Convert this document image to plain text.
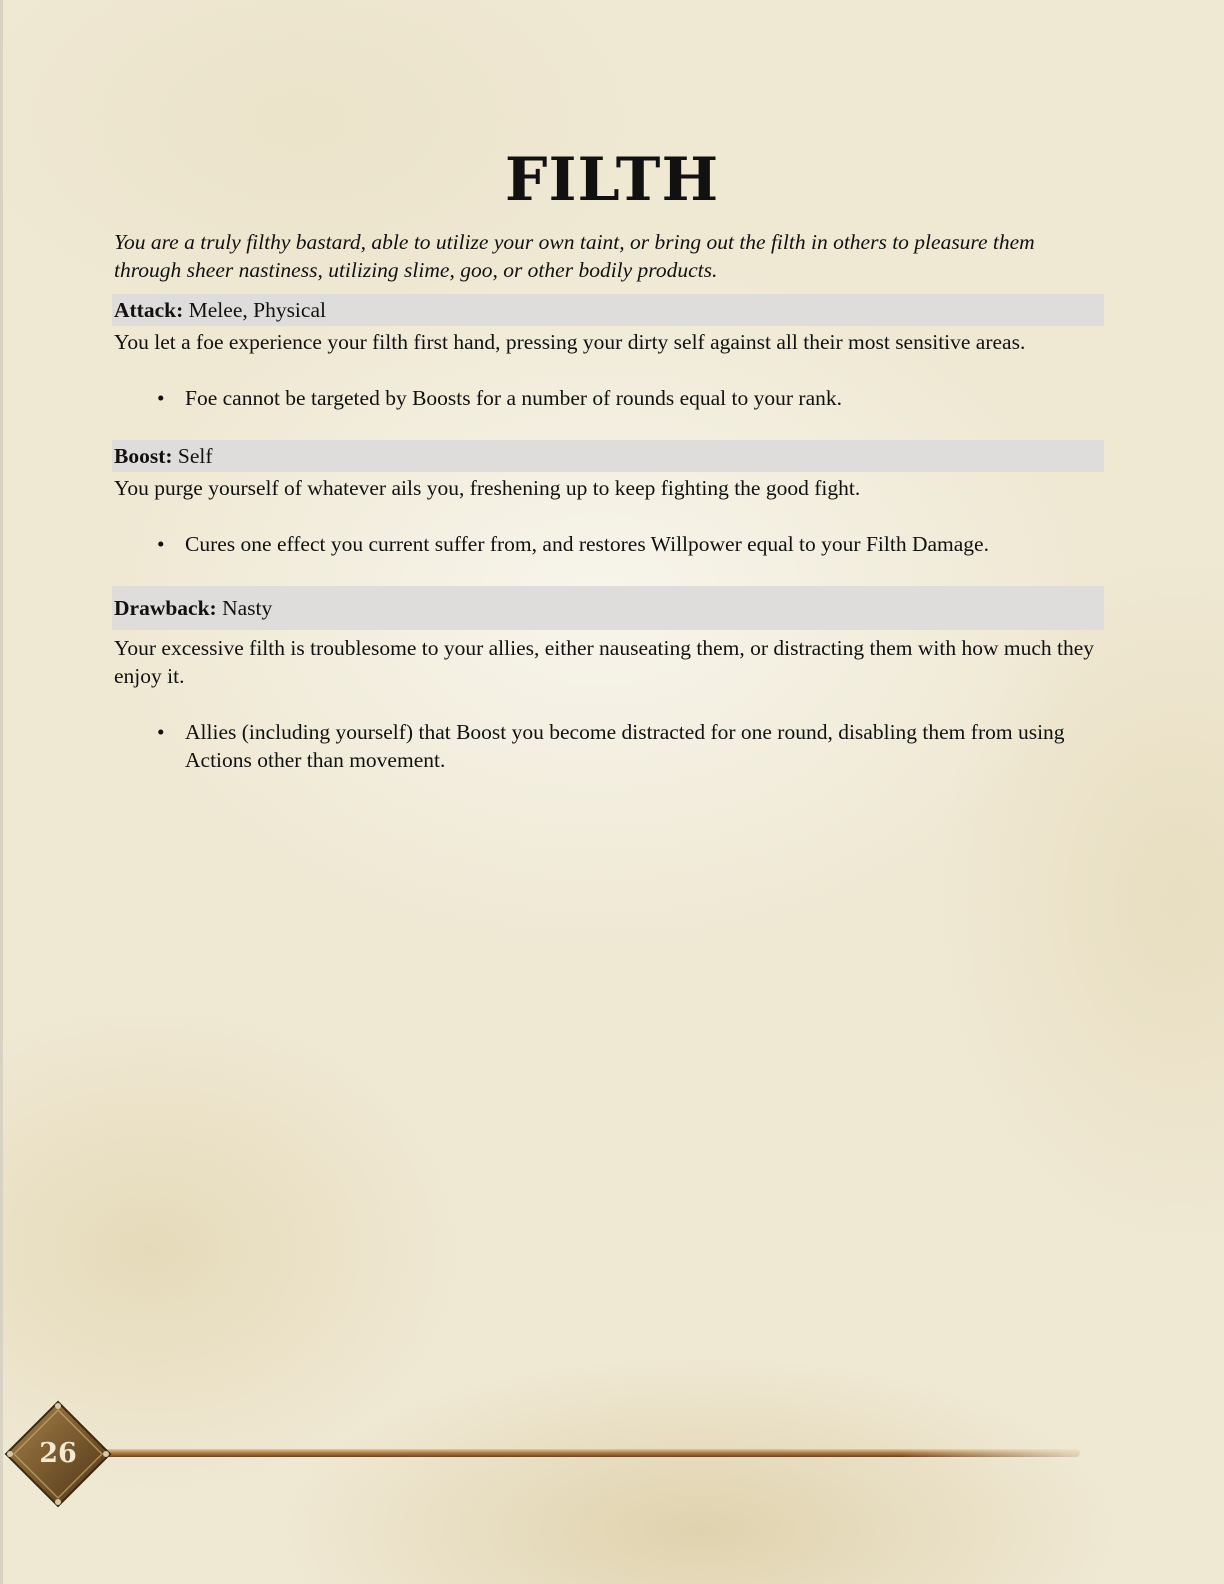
FILTH

You are a truly filthy bastard, able to utilize your own taint, or bring out the filth in others to pleasure them through sheer nastiness, utilizing slime, goo, or other bodily products.

Attack: Melee, Physical

You let a foe experience your filth first hand, pressing your dirty self against all their most sensitive areas.

• Foe cannot be targeted by Boosts for a number of rounds equal to your rank.
Boost: Self

You purge yourself of whatever ails you, freshening up to keep fighting the good fight.

• Cures one effect you current suffer from, and restores Willpower equal to your Filth Damage.
Drawback: Nasty

Your excessive filth is troublesome to your allies, either nauseating them, or distracting them with how much they enjoy it.

• Allies (including yourself) that Boost you become distracted for one round, disabling them from using Actions other than movement.
26
